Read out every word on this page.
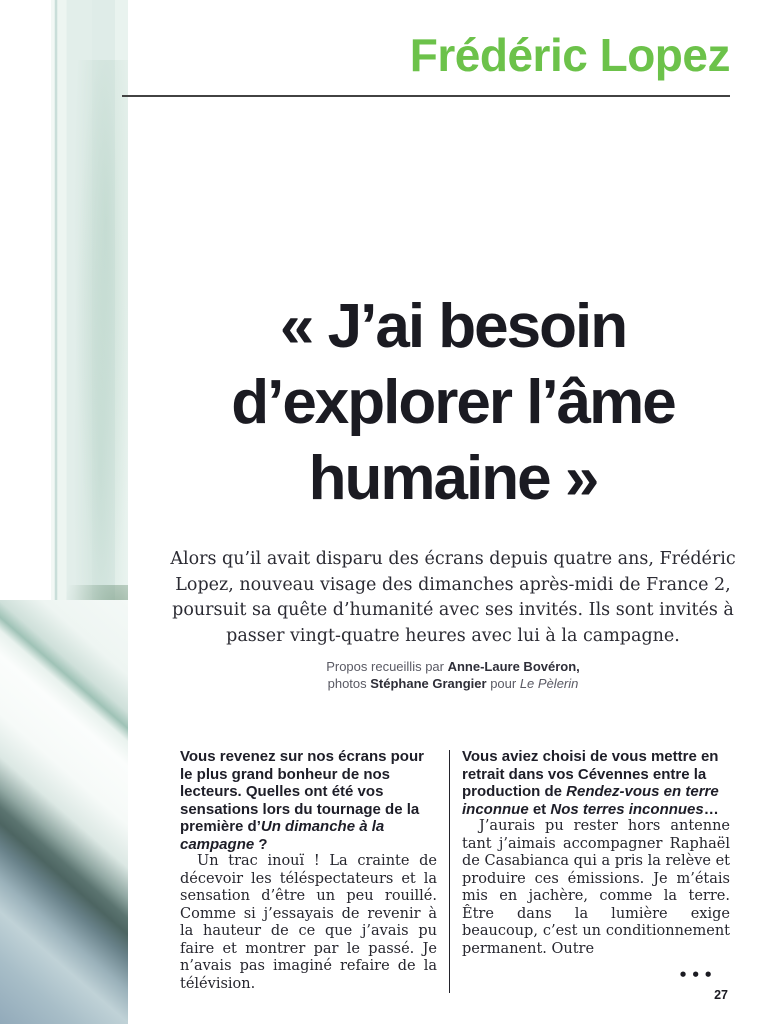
Frédéric Lopez
« J’ai besoin
d’explorer l’âme
humaine »

Alors qu’il avait disparu des écrans depuis quatre ans, Frédéric Lopez, nouveau visage des dimanches après-midi de France 2, poursuit sa quête d’humanité avec ses invités. Ils sont invités à passer vingt-quatre heures avec lui à la campagne.

Propos recueillis par Anne-Laure Bovéron,
photos Stéphane Grangier pour Le Pèlerin

Vous revenez sur nos écrans pour le plus grand bonheur de nos lecteurs. Quelles ont été vos sensations lors du tournage de la première d’Un dimanche à la campagne ?

Un trac inouï ! La crainte de décevoir les téléspectateurs et la sensation d’être un peu rouillé. Comme si j’essayais de revenir à la hauteur de ce que j’avais pu faire et montrer par le passé. Je n’avais pas imaginé refaire de la télévision.

Vous aviez choisi de vous mettre en retrait dans vos Cévennes entre la production de Rendez-vous en terre inconnue et Nos terres inconnues…

J’aurais pu rester hors antenne tant j’aimais accompagner Raphaël de Casabianca qui a pris la relève et produire ces émissions. Je m’étais mis en jachère, comme la terre. Être dans la lumière exige beaucoup, c’est un conditionnement permanent. Outre

•••
27
